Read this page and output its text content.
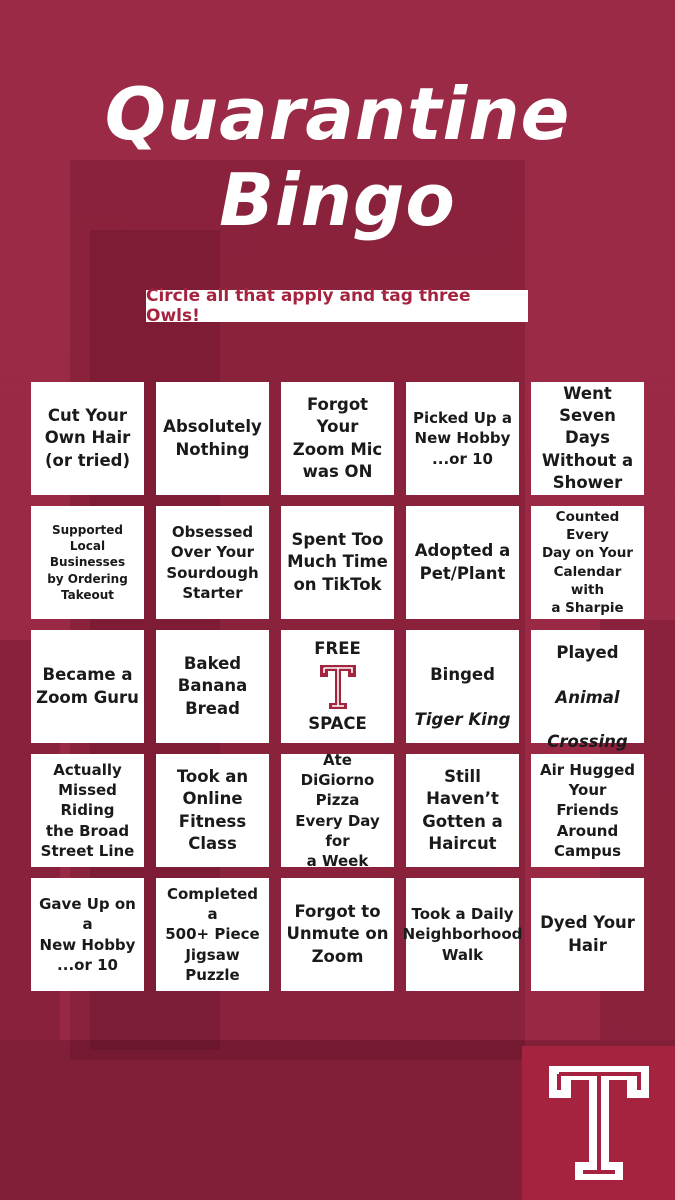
Quarantine
Bingo
Circle all that apply and tag three Owls!
Cut Your
Own Hair
(or tried)
Absolutely
Nothing
Forgot Your
Zoom Mic
was ON
Picked Up a
New Hobby
...or 10
Went Seven
Days
Without a
Shower
Supported Local
Businesses
by Ordering
Takeout
Obsessed
Over Your
Sourdough
Starter
Spent Too
Much Time
on TikTok
Adopted a
Pet/Plant
Counted Every
Day on Your
Calendar with
a Sharpie
Became a
Zoom Guru
Baked
Banana
Bread
FREE
SPACE

Binged

Tiger King

Played

Animal

Crossing

Actually
Missed Riding
the Broad
Street Line
Took an
Online
Fitness
Class
Ate DiGiorno
Pizza
Every Day for
a Week
Still Haven’t
Gotten a
Haircut
Air Hugged
Your Friends
Around
Campus
Gave Up on a
New Hobby
...or 10
Completed a
500+ Piece
Jigsaw Puzzle
Forgot to
Unmute on
Zoom
Took a Daily
Neighborhood
Walk
Dyed Your
Hair
